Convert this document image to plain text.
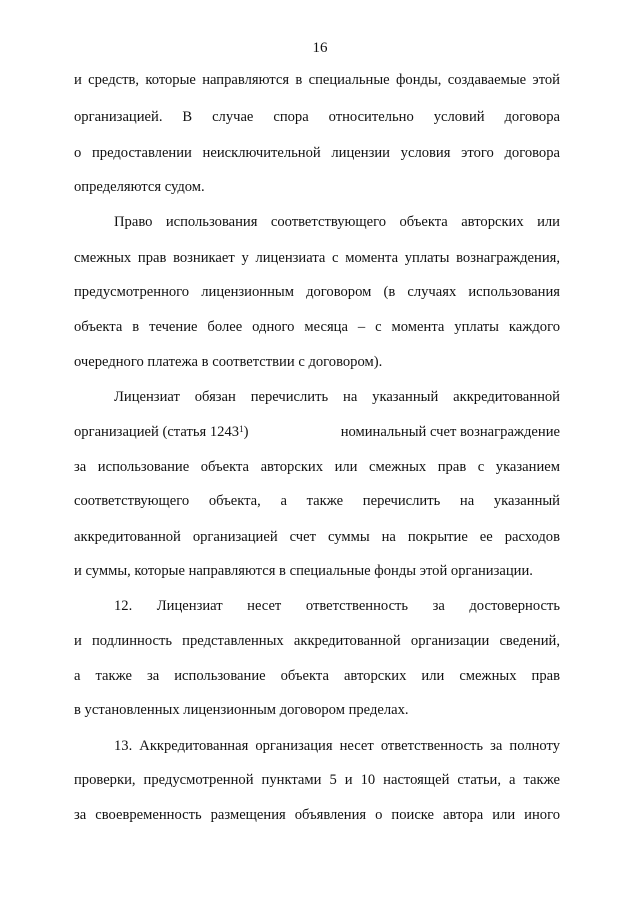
16
и средств, которые направляются в специальные фонды, создаваемые этой
организацией. В случае спора относительно условий договора
о предоставлении неисключительной лицензии условия этого договора
определяются судом.
Право использования соответствующего объекта авторских или
смежных прав возникает у лицензиата с момента уплаты вознаграждения,
предусмотренного лицензионным договором (в случаях использования
объекта в течение более одного месяца – с момента уплаты каждого
очередного платежа в соответствии с договором).
Лицензиат обязан перечислить на указанный аккредитованной
организацией (статья 1243$^1$)	номинальный счет вознаграждение
за использование объекта авторских или смежных прав с указанием
соответствующего объекта, а также перечислить на указанный
аккредитованной организацией счет суммы на покрытие ее расходов
и суммы, которые направляются в специальные фонды этой организации.
12. Лицензиат несет ответственность за достоверность
и подлинность представленных аккредитованной организации сведений,
а также за использование объекта авторских или смежных прав
в установленных лицензионным договором пределах.
13. Аккредитованная организация несет ответственность за полноту
проверки, предусмотренной пунктами 5 и 10 настоящей статьи, а также
за своевременность размещения объявления о поиске автора или иного
